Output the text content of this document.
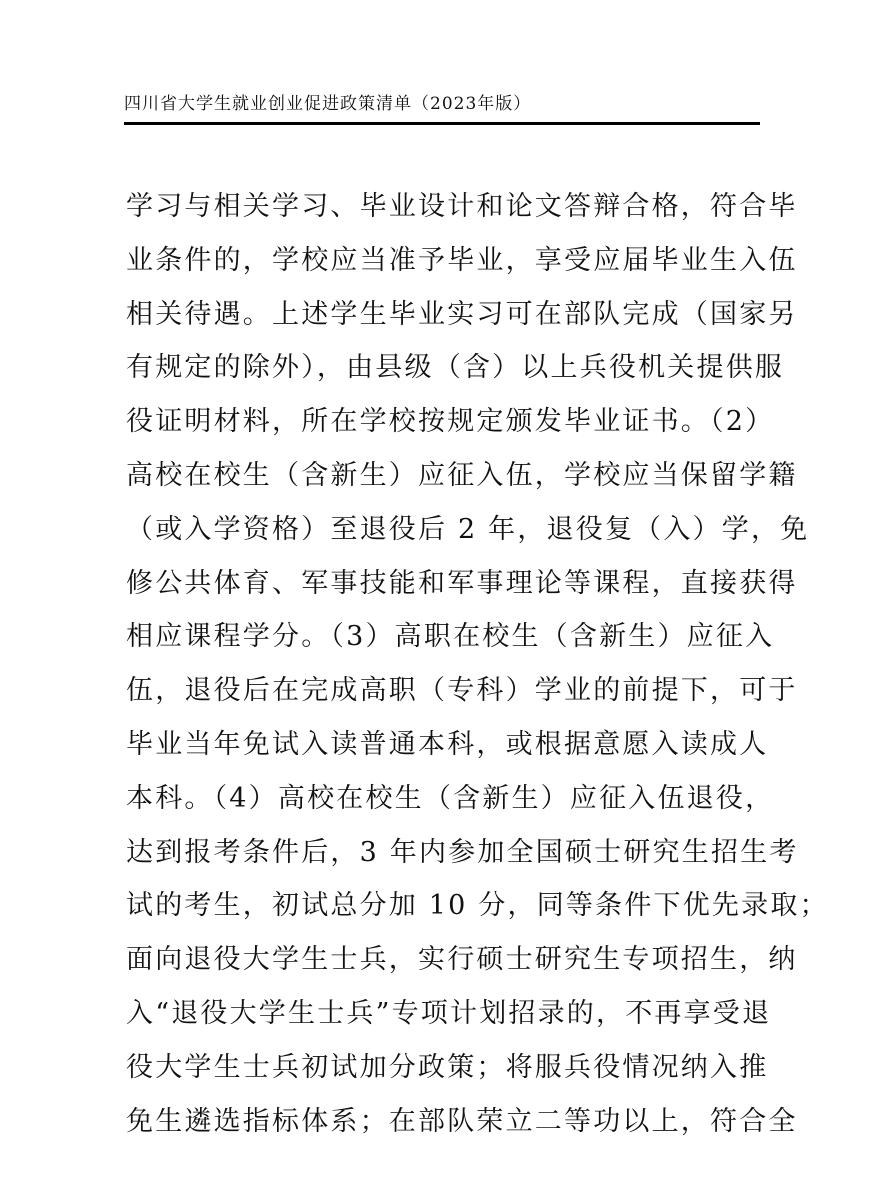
四川省大学生就业创业促进政策清单（2023年版）
学习与相关学习、毕业设计和论文答辩合格，符合毕
业条件的，学校应当准予毕业，享受应届毕业生入伍
相关待遇。上述学生毕业实习可在部队完成（国家另
有规定的除外），由县级（含）以上兵役机关提供服
役证明材料，所在学校按规定颁发毕业证书。（2）
高校在校生（含新生）应征入伍，学校应当保留学籍
（或入学资格）至退役后 2 年，退役复（入）学，免
修公共体育、军事技能和军事理论等课程，直接获得
相应课程学分。（3）高职在校生（含新生）应征入
伍，退役后在完成高职（专科）学业的前提下，可于
毕业当年免试入读普通本科，或根据意愿入读成人
本科。（4）高校在校生（含新生）应征入伍退役，
达到报考条件后，3 年内参加全国硕士研究生招生考
试的考生，初试总分加 10 分，同等条件下优先录取；
面向退役大学生士兵，实行硕士研究生专项招生，纳
入“退役大学生士兵”专项计划招录的，不再享受退
役大学生士兵初试加分政策；将服兵役情况纳入推
免生遴选指标体系；在部队荣立二等功以上，符合全
